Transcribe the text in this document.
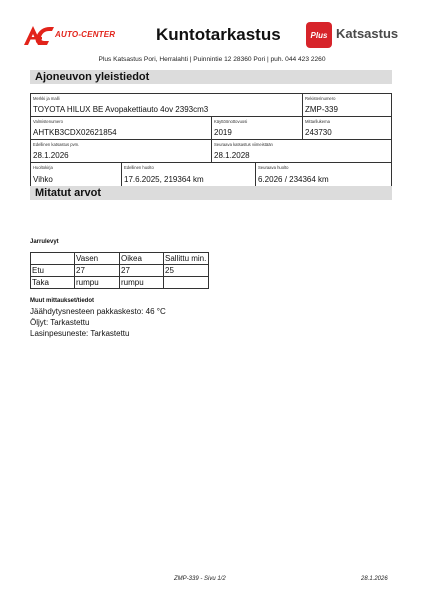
AUTO-CENTER Kuntotarkastus	Plus Katsastus
Plus Katsastus Pori, Herralahti | Puinnintie 12 28360 Pori | puh. 044 423 2260
Ajoneuvon yleistiedot
Merkki ja malli
TOYOTA HILUX BE Avopakettiauto 4ov 2393cm3
Rekisterinumero
ZMP-339
Valmistenumero
AHTKB3CDX02621854
Käyttöönottovuosi
2019
Mittarilukema
243730
Edellinen katsastus pvm.
28.1.2026
Seuraava katsastus viimeistään
28.1.2028
Huoltokirja
Vihko
Edellinen huolto
17.6.2025, 219364 km
Seuraava huolto
6.2026 / 234364 km
Mitatut arvot
Jarrulevyt
	Vasen	Oikea	Sallittu min.
Etu	27	27	25
Taka	rumpu	rumpu	
Muut mittaukset/tiedot
Jäähdytysnesteen pakkaskesto: 46 °C
Öljyt: Tarkastettu
Lasinpesuneste: Tarkastettu
ZMP-339 - Sivu 1/2	28.1.2026
